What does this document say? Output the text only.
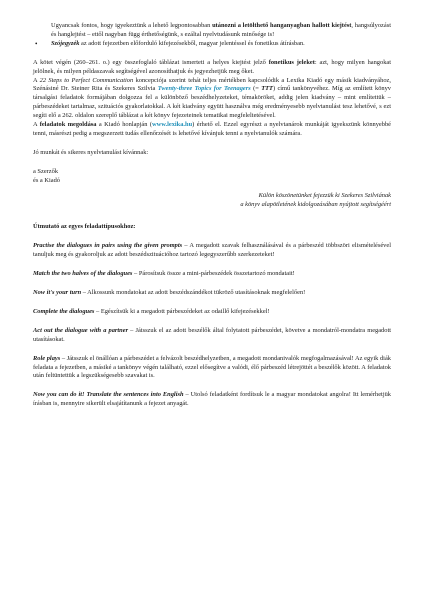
Ugyancsak fontos, hogy igyekeztünk a lehető legpontosabban utánozni a letölthető hanganyagban hallott kiejtést, hangsúlyozást és hanglejtést – ettől nagyban függ érthetőségünk, s ezáltal nyelvtudásunk minősége is!

•	Szójegyzék az adott fejezetben előforduló kifejezésekből, magyar jelentéssel és fonetikus átírásban.

A kötet végén (260–261. o.) egy összefoglaló táblázat ismerteti a helyes kiejtést jelző fonetikus jeleket: azt, hogy milyen hangokat jelölnek, és milyen példaszavak segítségével azonosíthatjuk és jegyezhetjük meg őket.

A 22 Steps to Perfect Communication koncepciója szerint tehát teljes mértékben kapcsolódik a Lexika Kiadó egy másik kiadványához, Szénásiné Dr. Steiner Rita és Szekeres Szilvia Twenty-three Topics for Teenagers (= TTT) című tankönyvéhez. Míg az említett könyv társalgási feladatok formájában dolgozza fel a különböző beszédhelyzeteket, témaköröket, addig jelen kiadvány – mint említettük – párbeszédeket tartalmaz, szituációs gyakorlatokkal. A két kiadvány együtt használva még eredményesebb nyelvtanulást tesz lehetővé, s ezt segíti elő a 262. oldalon szereplő táblázat a két könyv fejezeteinek tematikai megfeleltetésével.

A feladatok megoldása a Kiadó honlapján (www.lexika.hu) érhető el. Ezzel egyrészt a nyelvtanárok munkáját igyekszünk könnyebbé tenni, másrészt pedig a megszerzett tudás ellenőrzését is lehetővé kívánjuk tenni a nyelvtanulók számára.

Jó munkát és sikeres nyelvtanulást kívánnak:

a Szerzők

és a Kiadó

Külön köszönetünket fejezzük ki Szekeres Szilviának

a könyv alapötletének kidolgozásában nyújtott segítségéért

Útmutató az egyes feladattípusokhoz:

Practise the dialogues in pairs using the given prompts – A megadott szavak felhasználásával és a párbeszéd többszöri elismételésével tanuljuk meg és gyakoroljuk az adott beszédszituációhoz tartozó legegyszerűbb szerkezeteket!

Match the two halves of the dialogues – Párosítsuk össze a mini-párbeszédek összetartozó mondatait!

Now it's your turn – Alkossunk mondatokat az adott beszédszándékot tükröző utasításoknak megfelelően!

Complete the dialogues – Egészítsük ki a megadott párbeszédeket az odaillő kifejezésekkel!

Act out the dialogue with a partner – Játsszuk el az adott beszélők által folytatott párbeszédet, követve a mondatról-mondatra megadott utasításokat.

Role plays – Játsszuk el önállóan a párbeszédet a felvázolt beszédhelyzetben, a megadott mondanivalók megfogalmazásával! Az egyik diák feladata a fejezetben, a másiké a tankönyv végén található, ezzel elősegítve a valódi, élő párbeszéd létrejöttét a beszélők között. A feladatok után feltüntettük a legszükségesebb szavakat is.

Now you can do it! Translate the sentences into English – Utolsó feladatként fordítsuk le a magyar mondatokat angolra! Itt lemérhetjük írásban is, mennyire sikerült elsajátítanunk a fejezet anyagát.
